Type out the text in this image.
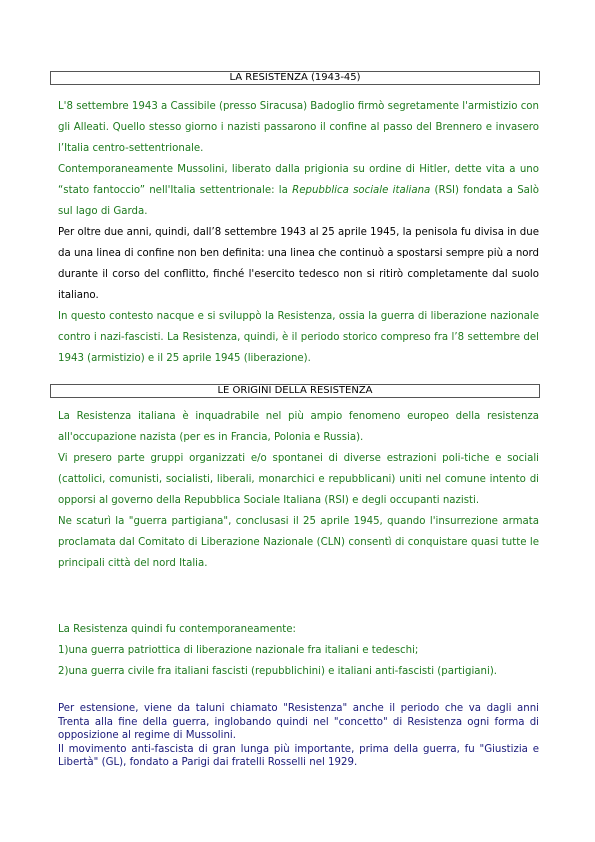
LA RESISTENZA (1943-45)

L'8 settembre 1943 a Cassibile (presso Siracusa) Badoglio firmò segretamente l'armistizio con gli Alleati. Quello stesso giorno i nazisti passarono il confine al passo del Brennero e invasero l’Italia centro-settentrionale.

Contemporaneamente Mussolini, liberato dalla prigionia su ordine di Hitler, dette vita a uno “stato fantoccio” nell'Italia settentrionale: la Repubblica sociale italiana (RSI) fondata a Salò sul lago di Garda.

Per oltre due anni, quindi, dall’8 settembre 1943 al 25 aprile 1945, la penisola fu divisa in due da una linea di confine non ben definita: una linea che continuò a spostarsi sempre più a nord durante il corso del conflitto, finché l'esercito tedesco non si ritirò completamente dal suolo italiano.

In questo contesto nacque e si sviluppò la Resistenza, ossia la guerra di liberazione nazionale contro i nazi-fascisti. La Resistenza, quindi, è il periodo storico compreso fra l’8 settembre del 1943 (armistizio) e il 25 aprile 1945 (liberazione).

LE ORIGINI DELLA RESISTENZA

La Resistenza italiana è inquadrabile nel più ampio fenomeno europeo della resistenza all'occupazione nazista (per es in Francia, Polonia e Russia).

Vi presero parte gruppi organizzati e/o spontanei di diverse estrazioni poli-tiche e sociali (cattolici, comunisti, socialisti, liberali, monarchici e repubblicani) uniti nel comune intento di opporsi al governo della Repubblica Sociale Italiana (RSI) e degli occupanti nazisti.

Ne scaturì la "guerra partigiana", conclusasi il 25 aprile 1945, quando l'insurrezione armata proclamata dal Comitato di Liberazione Nazionale (CLN) consentì di conquistare quasi tutte le principali città del nord Italia.

La Resistenza quindi fu contemporaneamente:

1)una guerra patriottica di liberazione nazionale fra italiani e tedeschi;

2)una guerra civile fra italiani fascisti (repubblichini) e italiani anti-fascisti (partigiani).

Per estensione, viene da taluni chiamato "Resistenza" anche il periodo che va dagli anni Trenta alla fine della guerra, inglobando quindi nel "concetto" di Resistenza ogni forma di opposizione al regime di Mussolini.

Il movimento anti-fascista di gran lunga più importante, prima della guerra, fu "Giustizia e Libertà" (GL), fondato a Parigi dai fratelli Rosselli nel 1929.
